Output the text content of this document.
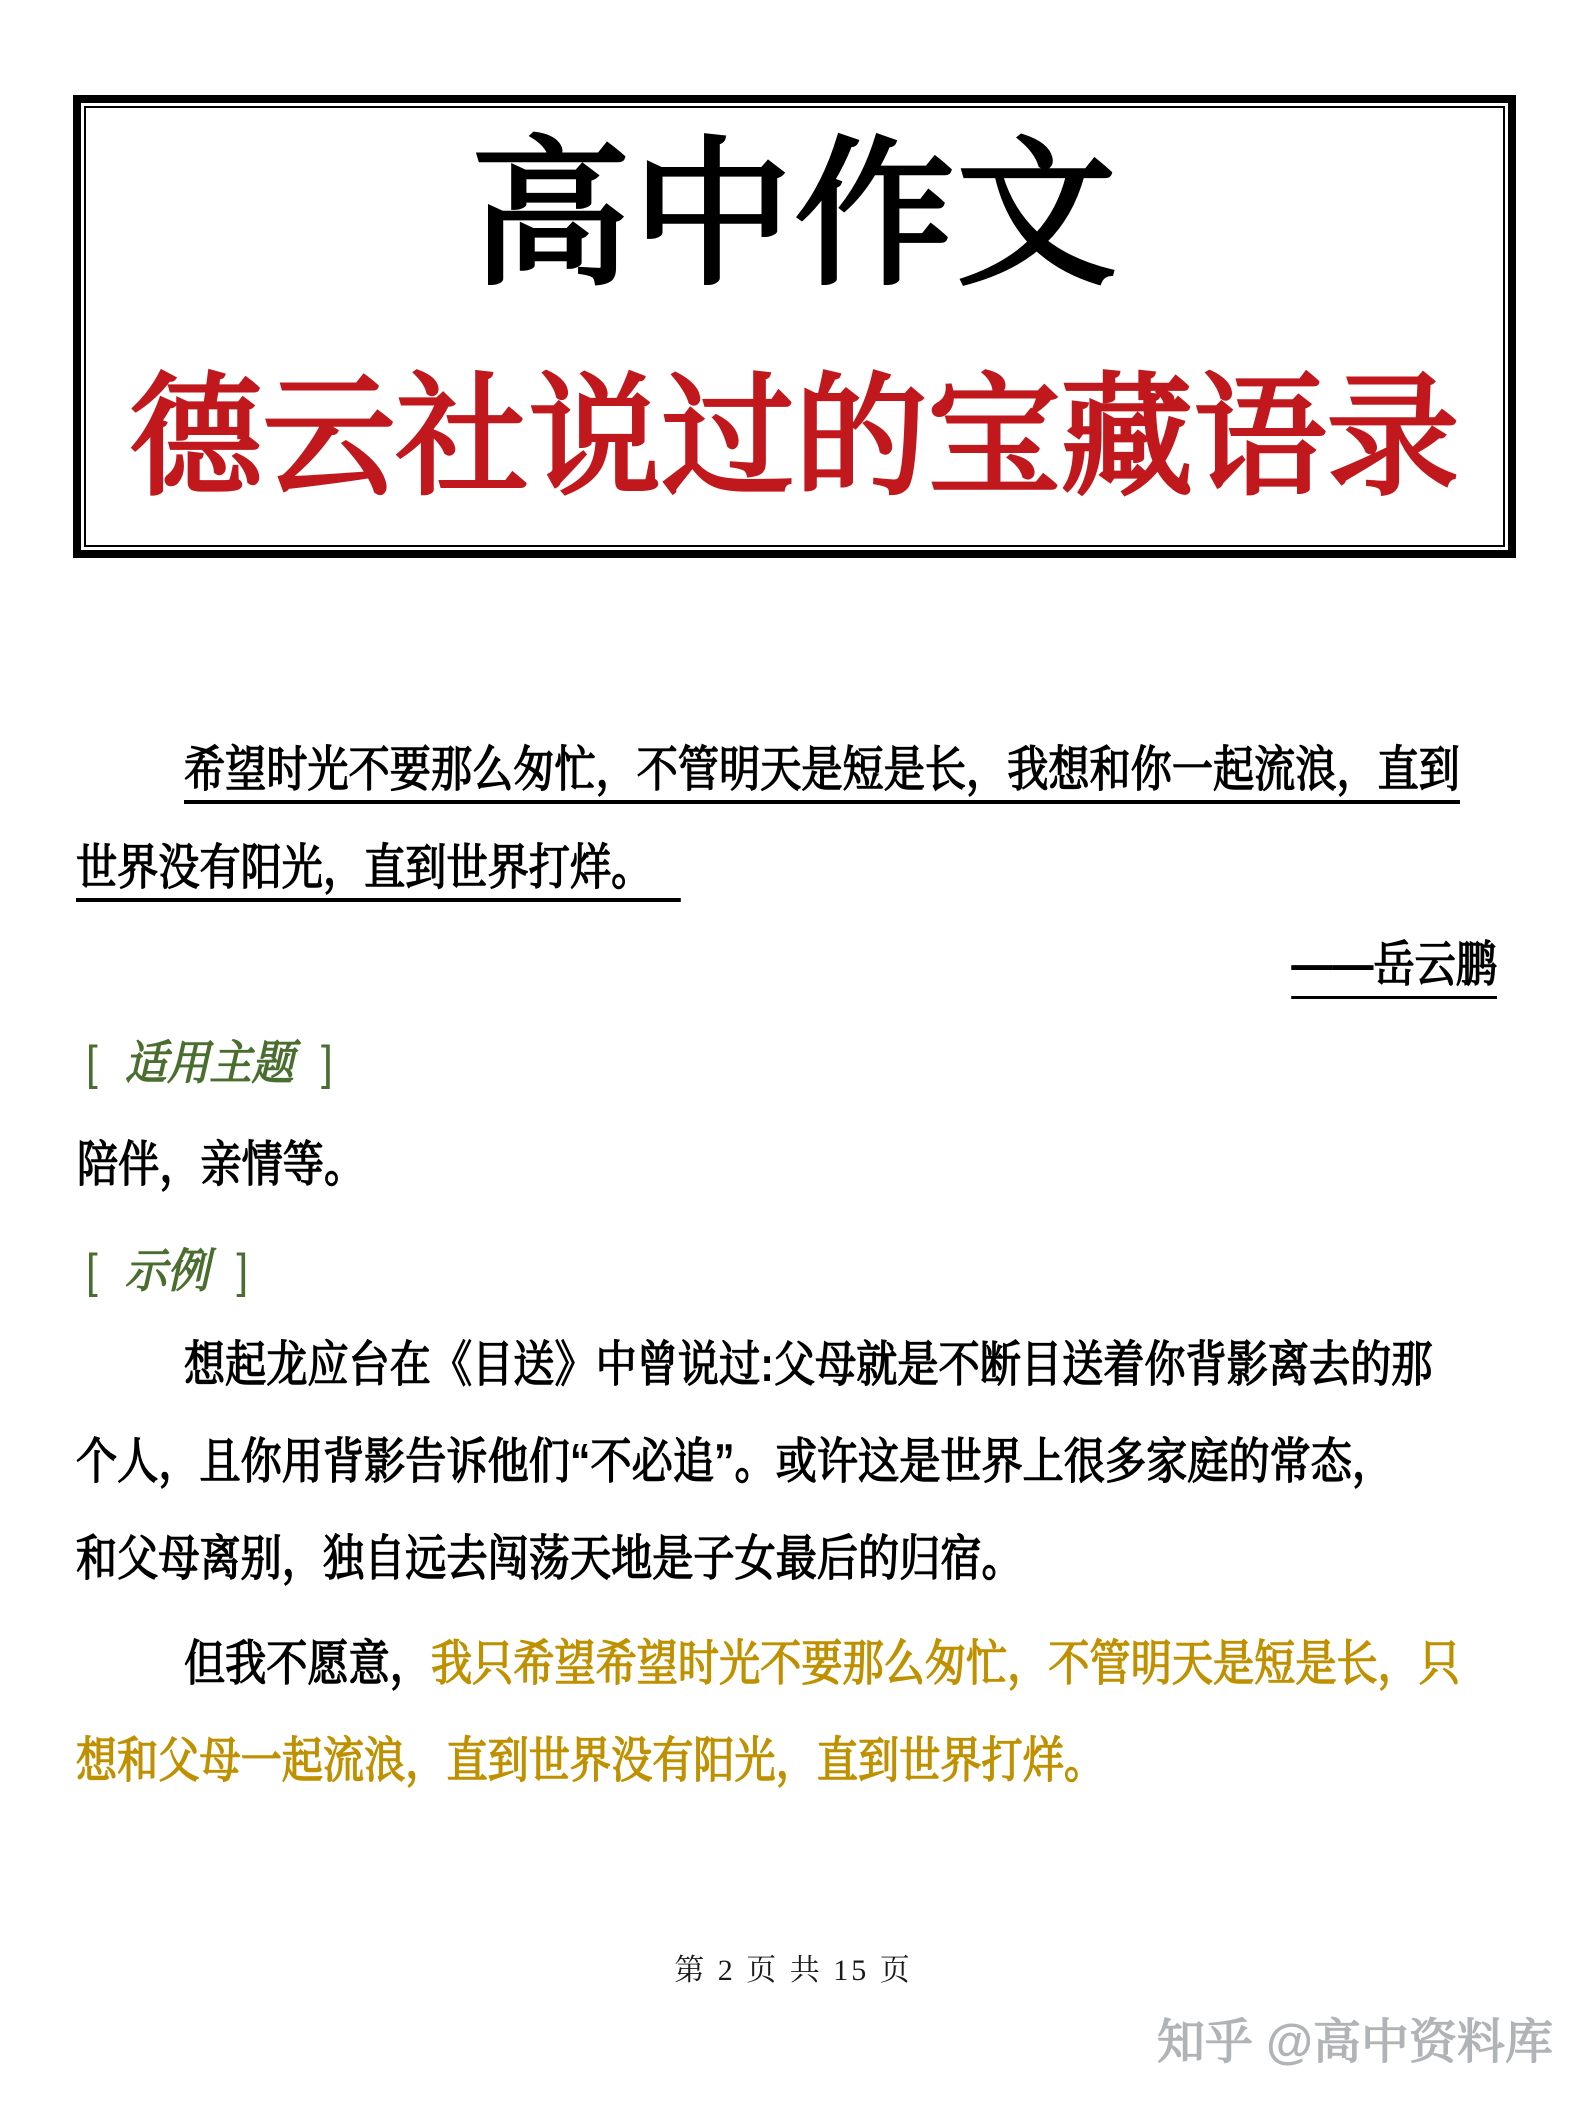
高中作文
德云社说过的宝藏语录
希望时光不要那么匆忙，不管明天是短是长，我想和你一起流浪，直到
世界没有阳光，直到世界打烊。
——岳云鹏
[ 适用主题 ]
陪伴，亲情等。
[ 示例 ]
想起龙应台在《目送》中曾说过:父母就是不断目送着你背影离去的那
个人，且你用背影告诉他们“不必追”。或许这是世界上很多家庭的常态，
和父母离别，独自远去闯荡天地是子女最后的归宿。
但我不愿意，我只希望希望时光不要那么匆忙，不管明天是短是长，只
想和父母一起流浪，直到世界没有阳光，直到世界打烊。
第 2 页 共 15 页
知乎 @高中资料库
